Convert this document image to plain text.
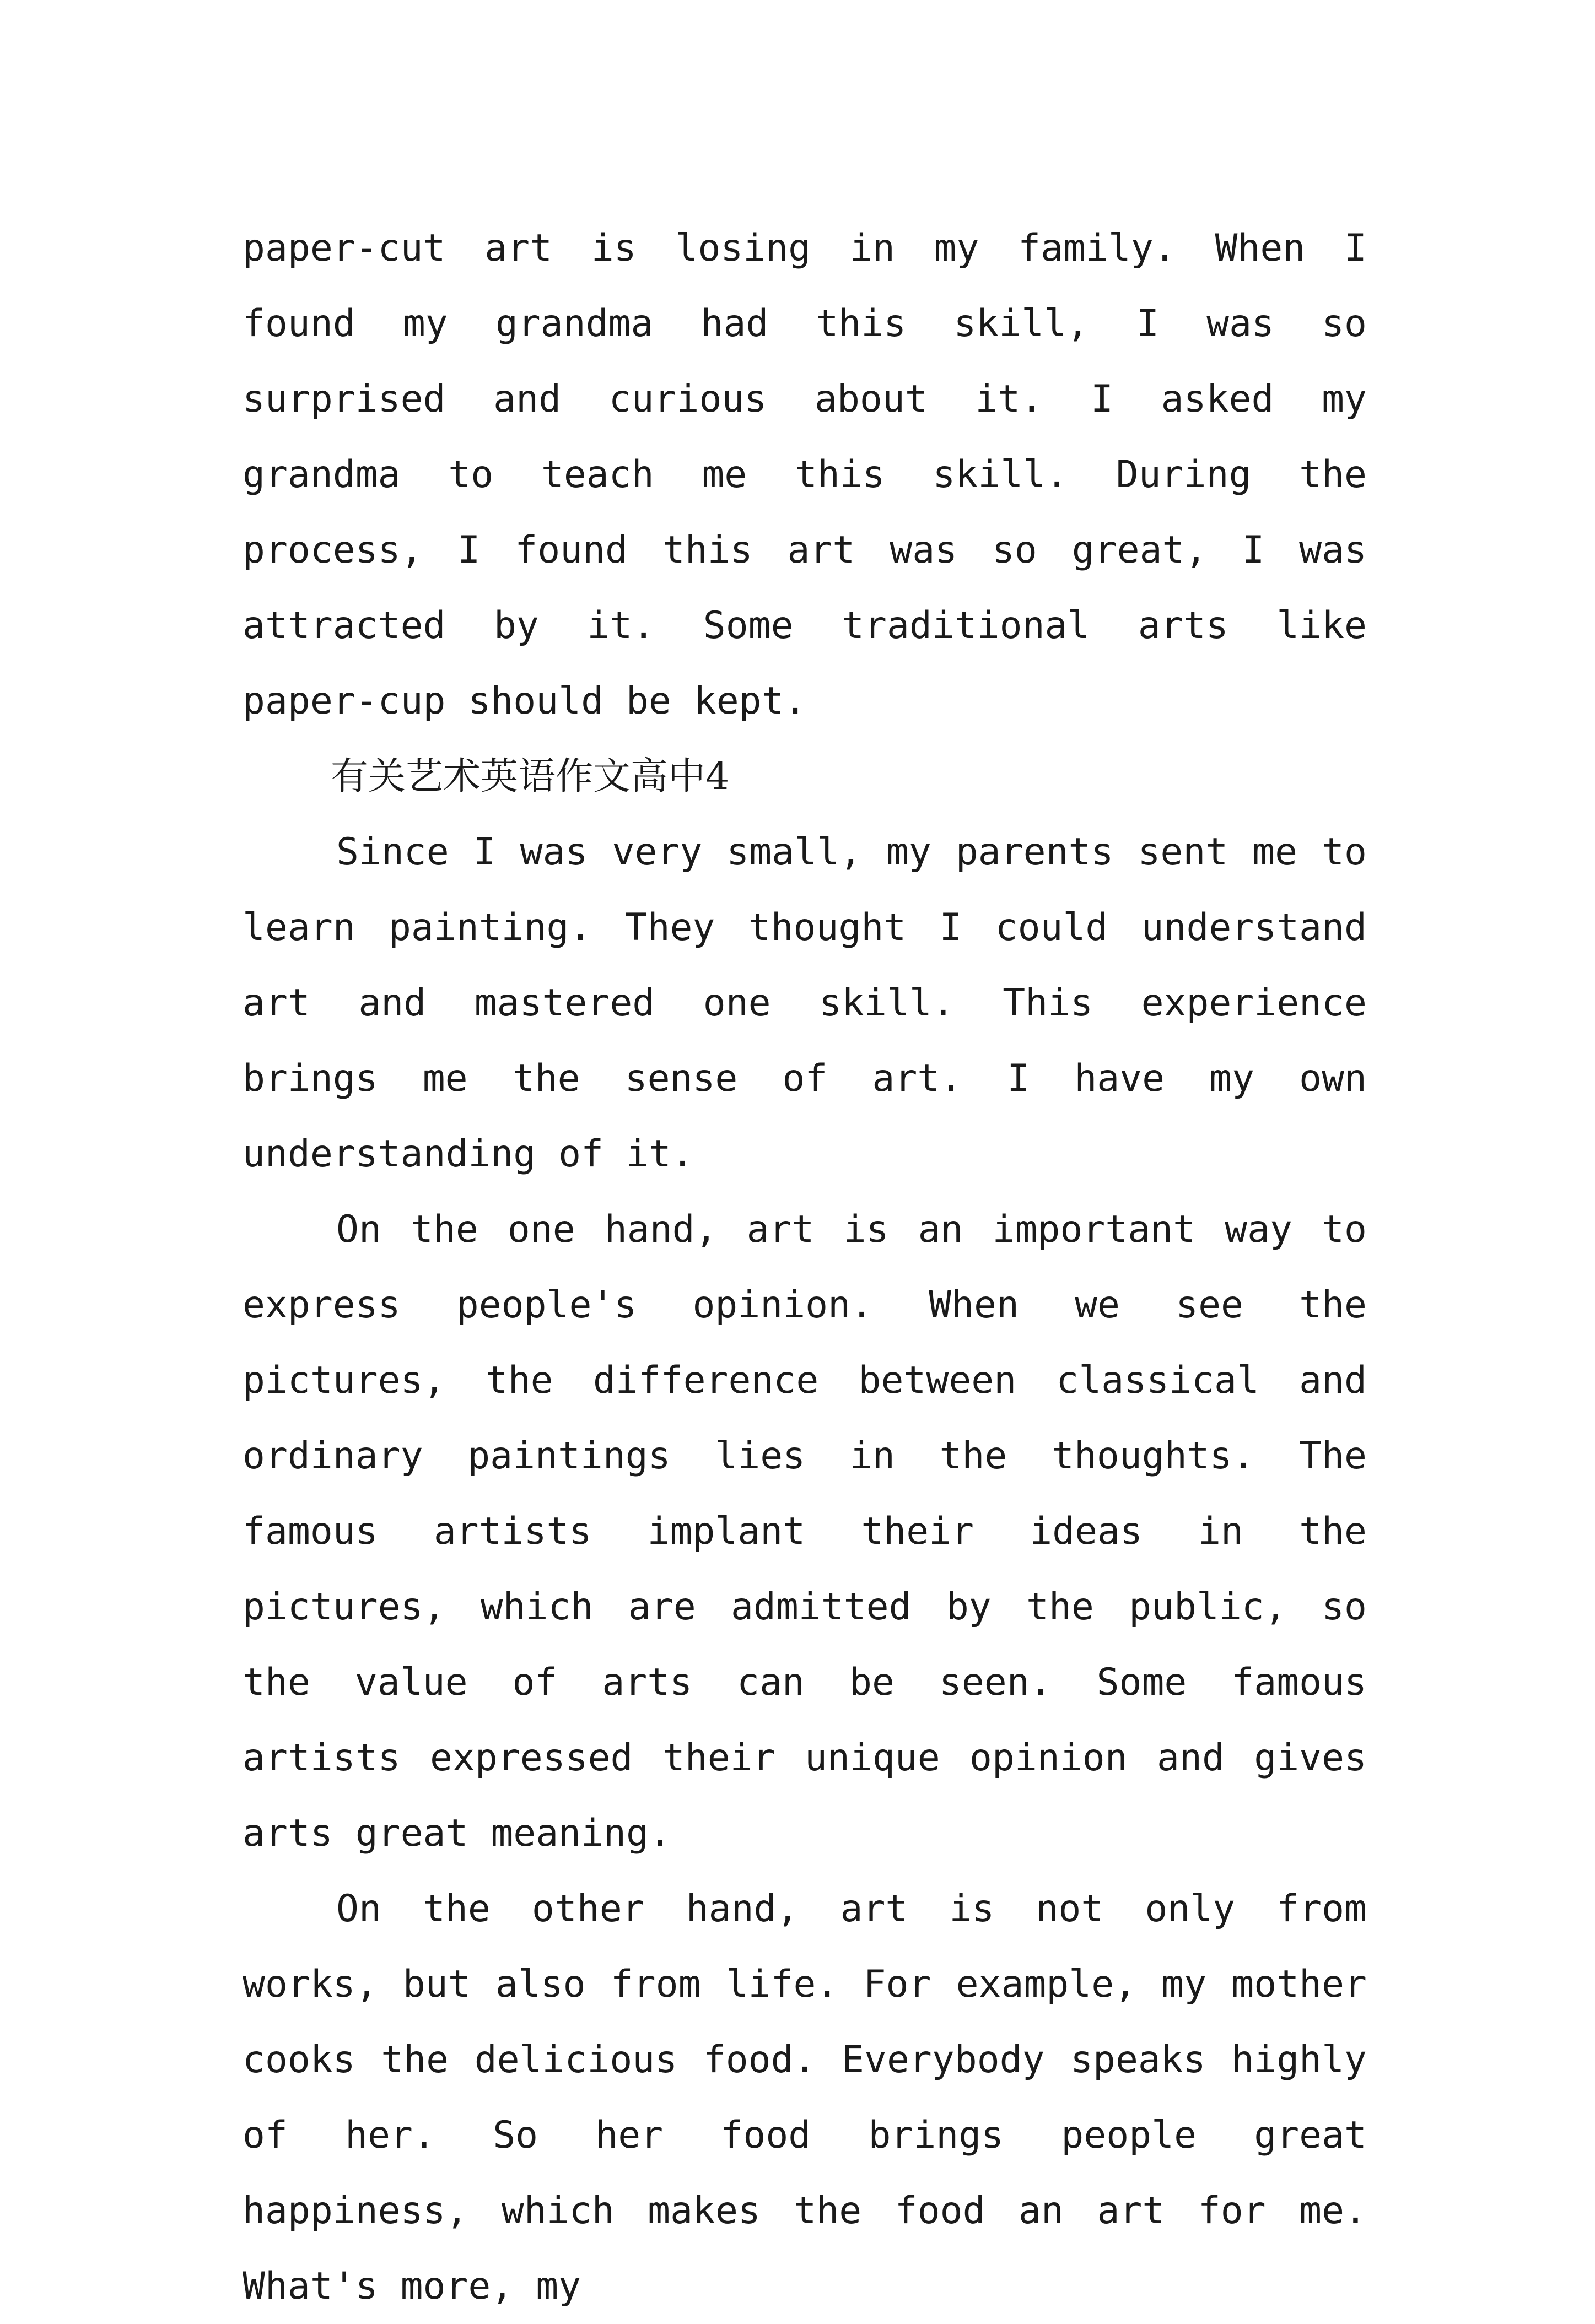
paper-cut art is losing in my family. When I found my grandma had this skill, I was so surprised and curious about it. I asked my grandma to teach me this skill. During the process, I found this art was so great, I was attracted by it. Some traditional arts like paper-cup should be kept.

有关艺术英语作文高中4

Since I was very small, my parents sent me to learn painting. They thought I could understand art and mastered one skill. This experience brings me the sense of art. I have my own understanding of it.

On the one hand, art is an important way to express people's opinion. When we see the pictures, the difference between classical and ordinary paintings lies in the thoughts. The famous artists implant their ideas in the pictures, which are admitted by the public, so the value of arts can be seen. Some famous artists expressed their unique opinion and gives arts great meaning.

On the other hand, art is not only from works, but also from life. For example, my mother cooks the delicious food. Everybody speaks highly of her. So her food brings people great happiness, which makes the food an art for me. What's more, my
